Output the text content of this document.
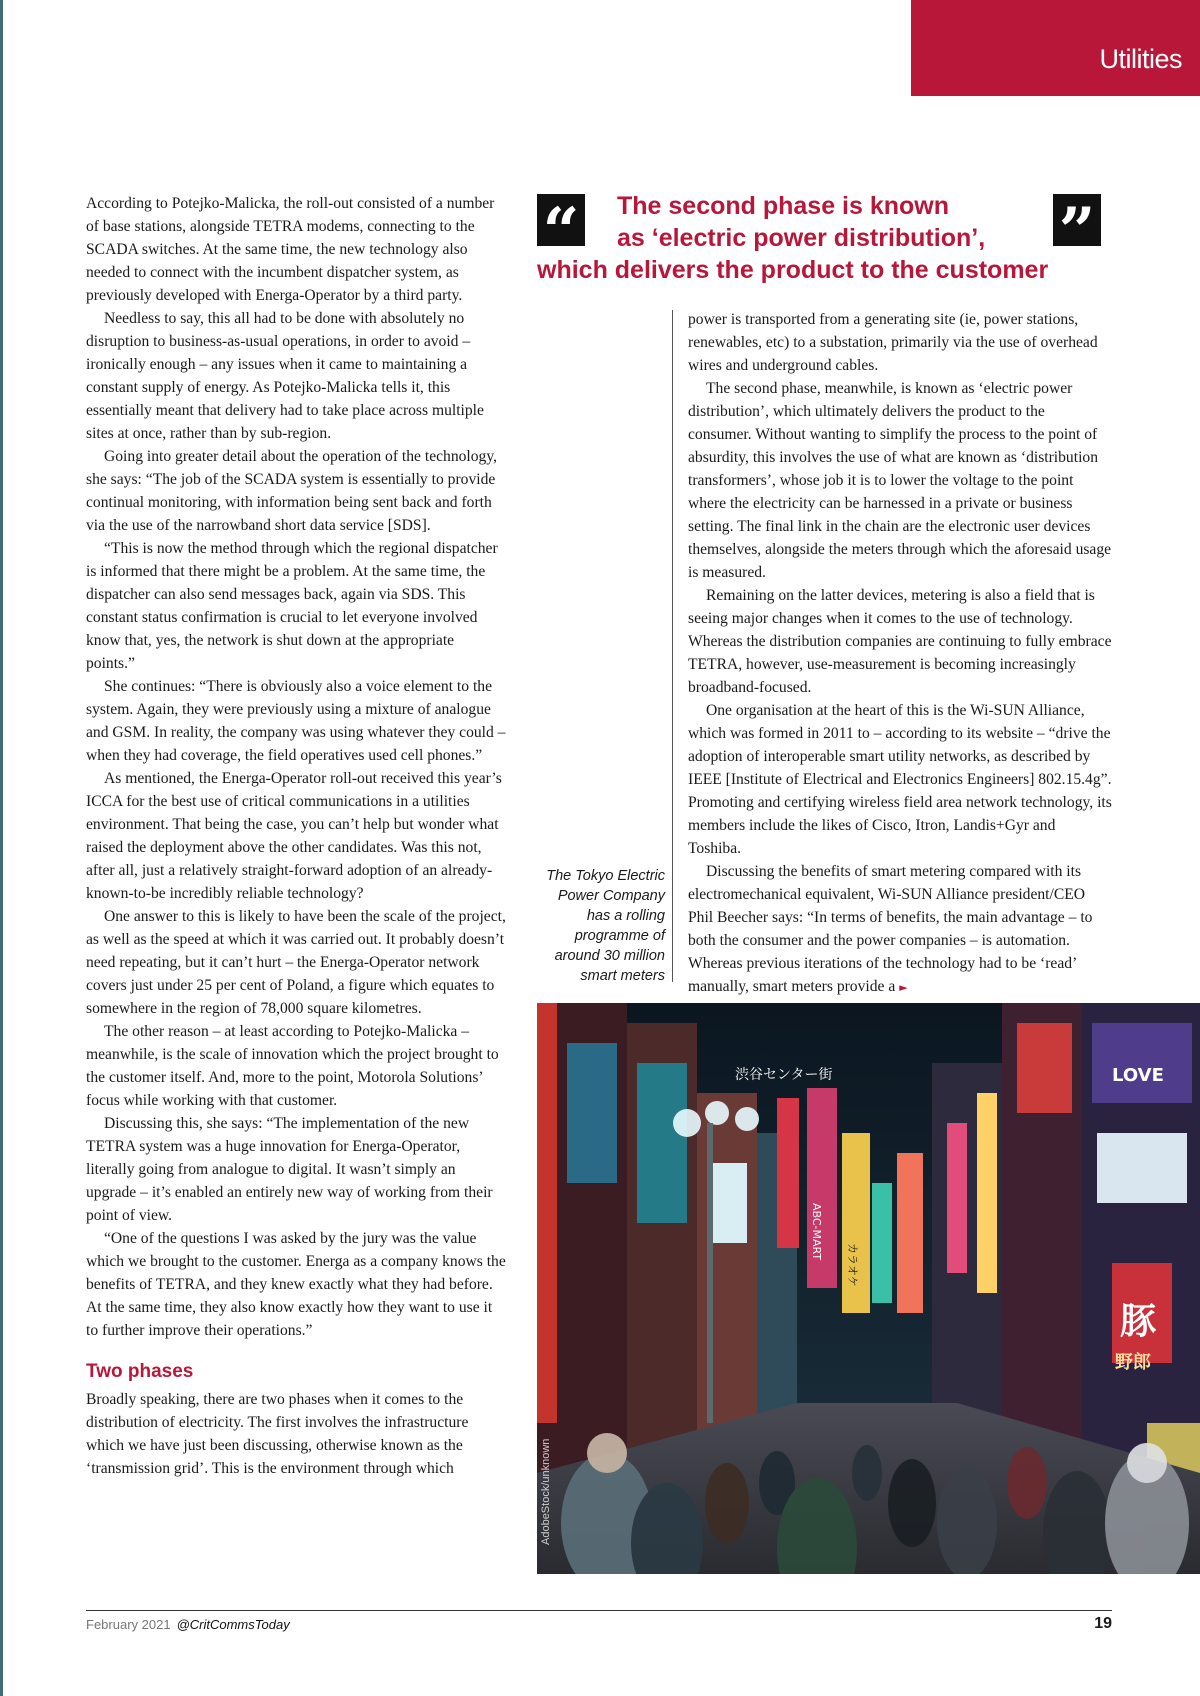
Utilities

According to Potejko-Malicka, the roll-out consisted of a number of base stations, alongside TETRA modems, connecting to the SCADA switches. At the same time, the new technology also needed to connect with the incumbent dispatcher system, as previously developed with Energa-Operator by a third party.

Needless to say, this all had to be done with absolutely no disruption to business-as-usual operations, in order to avoid – ironically enough – any issues when it came to maintaining a constant supply of energy. As Potejko-Malicka tells it, this essentially meant that delivery had to take place across multiple sites at once, rather than by sub-region.

Going into greater detail about the operation of the technology, she says: “The job of the SCADA system is essentially to provide continual monitoring, with information being sent back and forth via the use of the narrowband short data service [SDS].

“This is now the method through which the regional dispatcher is informed that there might be a problem. At the same time, the dispatcher can also send messages back, again via SDS. This constant status confirmation is crucial to let everyone involved know that, yes, the network is shut down at the appropriate points.”

She continues: “There is obviously also a voice element to the system. Again, they were previously using a mixture of analogue and GSM. In reality, the company was using whatever they could – when they had coverage, the field operatives used cell phones.”

As mentioned, the Energa-Operator roll-out received this year’s ICCA for the best use of critical communications in a utilities environment. That being the case, you can’t help but wonder what raised the deployment above the other candidates. Was this not, after all, just a relatively straight-forward adoption of an already-known-to-be incredibly reliable technology?

One answer to this is likely to have been the scale of the project, as well as the speed at which it was carried out. It probably doesn’t need repeating, but it can’t hurt – the Energa-Operator network covers just under 25 per cent of Poland, a figure which equates to somewhere in the region of 78,000 square kilometres.

The other reason – at least according to Potejko-Malicka – meanwhile, is the scale of innovation which the project brought to the customer itself. And, more to the point, Motorola Solutions’ focus while working with that customer.

Discussing this, she says: “The implementation of the new TETRA system was a huge innovation for Energa-Operator, literally going from analogue to digital. It wasn’t simply an upgrade – it’s enabled an entirely new way of working from their point of view.

“One of the questions I was asked by the jury was the value which we brought to the customer. Energa as a company knows the benefits of TETRA, and they knew exactly what they had before. At the same time, they also know exactly how they want to use it to further improve their operations.”

Two phases

Broadly speaking, there are two phases when it comes to the distribution of electricity. The first involves the infrastructure which we have just been discussing, otherwise known as the ‘transmission grid’. This is the environment through which

“ The second phase is known
as ‘electric power distribution’,
which delivers the product to the customer
”
The Tokyo Electric Power Company has a rolling programme of around 30 million smart meters

power is transported from a generating site (ie, power stations, renewables, etc) to a substation, primarily via the use of overhead wires and underground cables.

The second phase, meanwhile, is known as ‘electric power distribution’, which ultimately delivers the product to the consumer. Without wanting to simplify the process to the point of absurdity, this involves the use of what are known as ‘distribution transformers’, whose job it is to lower the voltage to the point where the electricity can be harnessed in a private or business setting. The final link in the chain are the electronic user devices themselves, alongside the meters through which the aforesaid usage is measured.

Remaining on the latter devices, metering is also a field that is seeing major changes when it comes to the use of technology. Whereas the distribution companies are continuing to fully embrace TETRA, however, use-measurement is becoming increasingly broadband-focused.

One organisation at the heart of this is the Wi-SUN Alliance, which was formed in 2011 to – according to its website – “drive the adoption of interoperable smart utility networks, as described by IEEE [Institute of Electrical and Electronics Engineers] 802.15.4g”. Promoting and certifying wireless field area network technology, its members include the likes of Cisco, Itron, Landis+Gyr and Toshiba.

Discussing the benefits of smart metering compared with its electromechanical equivalent, Wi-SUN Alliance president/CEO Phil Beecher says: “In terms of benefits, the main advantage – to both the consumer and the power companies – is automation. Whereas previous iterations of the technology had to be ‘read’ manually, smart meters provide a ►

渋谷センター街	LOVE
豚
野郎
ABC-MART
カラオケ
AdobeStock/unknown
February 2021 @CritCommsToday	19
